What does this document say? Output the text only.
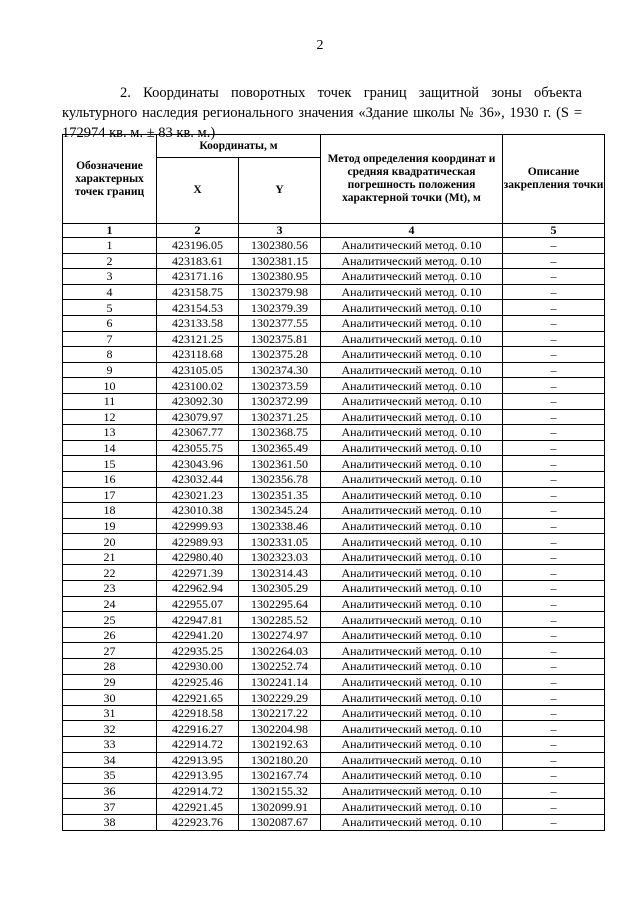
2

2. Координаты поворотных точек границ защитной зоны объекта культурного наследия регионального значения «Здание школы № 36», 1930 г. (S = 172974 кв. м. ± 83 кв. м.)

Обозначение характерных точек границ	Координаты, м		Метод определения координат и средняя квадратическая погрешность положения характерной точки (Mt), м	Описание закрепления точки
	X	Y		
1	2	3	4	5
1	423196.05	1302380.56	Аналитический метод. 0.10	–
2	423183.61	1302381.15	Аналитический метод. 0.10	–
3	423171.16	1302380.95	Аналитический метод. 0.10	–
4	423158.75	1302379.98	Аналитический метод. 0.10	–
5	423154.53	1302379.39	Аналитический метод. 0.10	–
6	423133.58	1302377.55	Аналитический метод. 0.10	–
7	423121.25	1302375.81	Аналитический метод. 0.10	–
8	423118.68	1302375.28	Аналитический метод. 0.10	–
9	423105.05	1302374.30	Аналитический метод. 0.10	–
10	423100.02	1302373.59	Аналитический метод. 0.10	–
11	423092.30	1302372.99	Аналитический метод. 0.10	–
12	423079.97	1302371.25	Аналитический метод. 0.10	–
13	423067.77	1302368.75	Аналитический метод. 0.10	–
14	423055.75	1302365.49	Аналитический метод. 0.10	–
15	423043.96	1302361.50	Аналитический метод. 0.10	–
16	423032.44	1302356.78	Аналитический метод. 0.10	–
17	423021.23	1302351.35	Аналитический метод. 0.10	–
18	423010.38	1302345.24	Аналитический метод. 0.10	–
19	422999.93	1302338.46	Аналитический метод. 0.10	–
20	422989.93	1302331.05	Аналитический метод. 0.10	–
21	422980.40	1302323.03	Аналитический метод. 0.10	–
22	422971.39	1302314.43	Аналитический метод. 0.10	–
23	422962.94	1302305.29	Аналитический метод. 0.10	–
24	422955.07	1302295.64	Аналитический метод. 0.10	–
25	422947.81	1302285.52	Аналитический метод. 0.10	–
26	422941.20	1302274.97	Аналитический метод. 0.10	–
27	422935.25	1302264.03	Аналитический метод. 0.10	–
28	422930.00	1302252.74	Аналитический метод. 0.10	–
29	422925.46	1302241.14	Аналитический метод. 0.10	–
30	422921.65	1302229.29	Аналитический метод. 0.10	–
31	422918.58	1302217.22	Аналитический метод. 0.10	–
32	422916.27	1302204.98	Аналитический метод. 0.10	–
33	422914.72	1302192.63	Аналитический метод. 0.10	–
34	422913.95	1302180.20	Аналитический метод. 0.10	–
35	422913.95	1302167.74	Аналитический метод. 0.10	–
36	422914.72	1302155.32	Аналитический метод. 0.10	–
37	422921.45	1302099.91	Аналитический метод. 0.10	–
38	422923.76	1302087.67	Аналитический метод. 0.10	–
